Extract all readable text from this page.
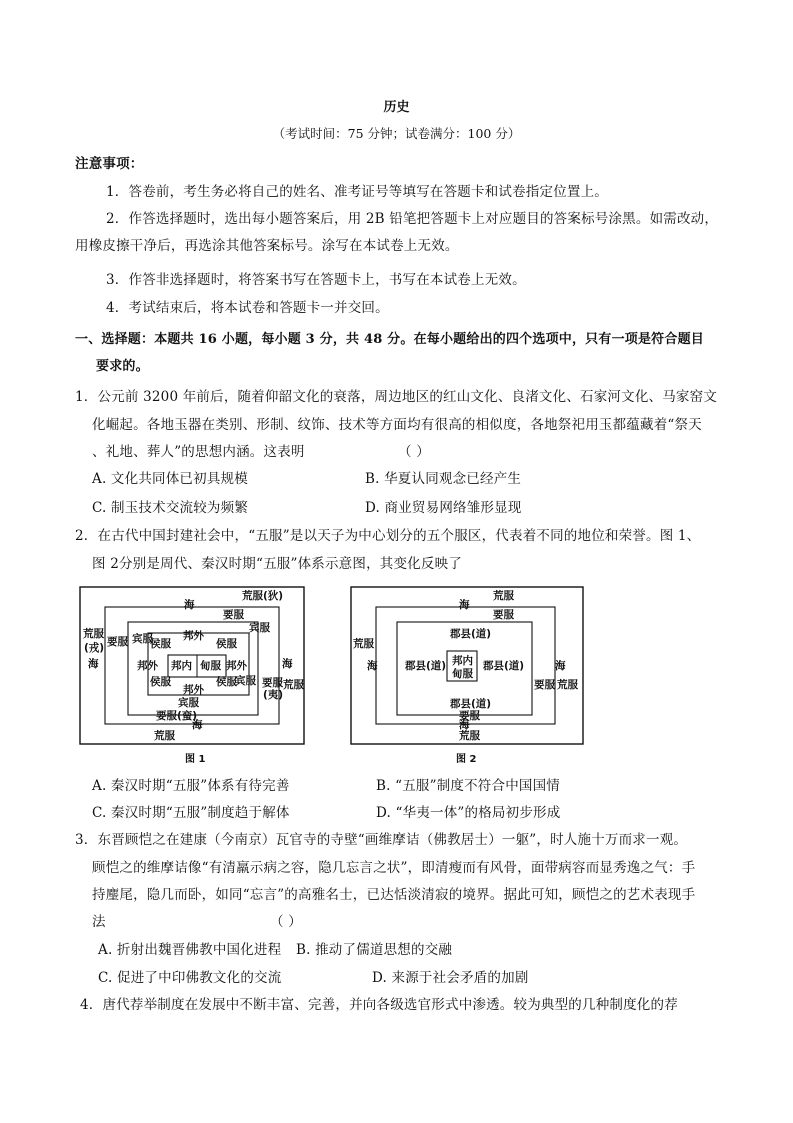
历史
（考试时间：75 分钟；试卷满分：100 分）
注意事项：
1．答卷前，考生务必将自己的姓名、准考证号等填写在答题卡和试卷指定位置上。
2．作答选择题时，选出每小题答案后，用 2B 铅笔把答题卡上对应题目的答案标号涂黑。如需改动，
用橡皮擦干净后，再选涂其他答案标号。涂写在本试卷上无效。
3．作答非选择题时，将答案书写在答题卡上，书写在本试卷上无效。
4．考试结束后，将本试卷和答题卡一并交回。
一、选择题：本题共 16 小题，每小题 3 分，共 48 分。在每小题给出的四个选项中，只有一项是符合题目
要求的。
1．公元前 3200 年前后，随着仰韶文化的衰落，周边地区的红山文化、良渚文化、石家河文化、马家窑文
化崛起。各地玉器在类别、形制、纹饰、技术等方面均有很高的相似度，各地祭祀用玉都蕴藏着“祭天
、礼地、葬人”的思想内涵。这表明	（ ）
A. 文化共同体已初具规模	B. 华夏认同观念已经产生
C. 制玉技术交流较为频繁	D. 商业贸易网络雏形显现
2．在古代中国封建社会中，“五服”是以天子为中心划分的五个服区，代表着不同的地位和荣誉。图 1、
图 2分别是周代、秦汉时期“五服”体系示意图，其变化反映了
荒服(狄)
海
要服
宾服
侯服
邦外
侯服
邦内 甸服
邦外	邦外
侯服	侯服
邦外
宾服
宾服
宾服
荒服
(戎)
海
要服
海
要服
(夷)
荒服
要服(蛮)
海
荒服
图 1
荒服
海
要服
郡县(道)
郡县(道)	郡县(道)
郡县(道)
邦内
甸服
荒服
海	海
要服 荒服
要服
海
荒服
图 2
A. 秦汉时期“五服”体系有待完善	B. “五服”制度不符合中国国情
C. 秦汉时期“五服”制度趋于解体	D. “华夷一体”的格局初步形成
3．东晋顾恺之在建康（今南京）瓦官寺的寺壁“画维摩诘（佛教居士）一躯”，时人施十万而求一观。
顾恺之的维摩诘像“有清羸示病之容，隐几忘言之状”，即清瘦而有风骨，面带病容而显秀逸之气：手
持麈尾，隐几而卧，如同“忘言”的高雅名士，已达恬淡清寂的境界。据此可知，顾恺之的艺术表现手
法	（ ）
A. 折射出魏晋佛教中国化进程 B. 推动了儒道思想的交融
C. 促进了中印佛教文化的交流	D. 来源于社会矛盾的加剧
4．唐代荐举制度在发展中不断丰富、完善，并向各级选官形式中渗透。较为典型的几种制度化的荐
